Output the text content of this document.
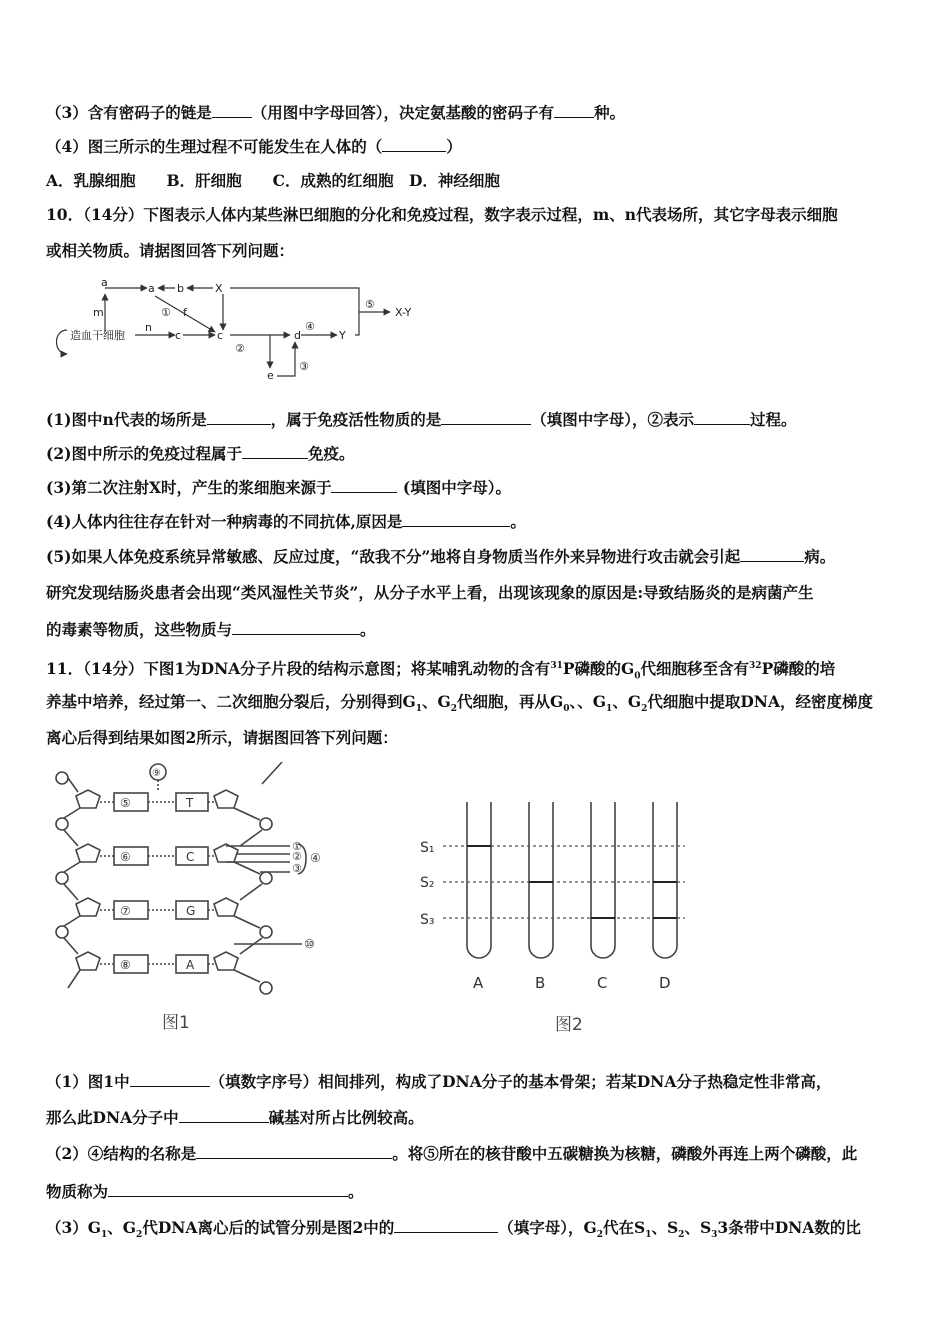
（3）含有密码子的链是	（用图中字母回答），决定氨基酸的密码子有	种。
（4）图三所示的生理过程不可能发生在人体的（	）
A．乳腺细胞　　B．肝细胞　　C．成熟的红细胞　D．神经细胞
10．（14分）下图表示人体内某些淋巴细胞的分化和免疫过程，数字表示过程，m、n代表场所，其它字母表示细胞
或相关物质。请据图回答下列问题：
造血干细胞
a	a b	X
m	f
①
n
c	c
②
d
④
Y
e
③
⑤
X-Y
(1)图中n代表的场所是	，属于免疫活性物质的是	（填图中字母），②表示	过程。
(2)图中所示的免疫过程属于	免疫。
(3)第二次注射X时，产生的浆细胞来源于	(填图中字母）。
(4)人体内往往存在针对一种病毒的不同抗体,原因是	。
(5)如果人体免疫系统异常敏感、反应过度，“敌我不分”地将自身物质当作外来异物进行攻击就会引起	病。
研究发现结肠炎患者会出现“类风湿性关节炎”，从分子水平上看，出现该现象的原因是:导致结肠炎的是病菌产生
的毒素等物质，这些物质与	。
11．（14分）下图1为DNA分子片段的结构示意图；将某哺乳动物的含有$^{31}$P磷酸的$G_0$代细胞移至含有$^{32}$P磷酸的培
养基中培养，经过第一、二次细胞分裂后，分别得到$G_1$、$G_2$代细胞，再从$G_0$、、$G_1$、$G_2$代细胞中提取DNA，经密度梯度
离心后得到结果如图2所示，请据图回答下列问题：
⑤	T
⑨
⑥	C
⑦	G
⑧	A
①
②
③
④
⑩
图1
S₁
S₂
S₃
A	B	C	D
图2
（1）图1中	（填数字序号）相间排列，构成了DNA分子的基本骨架；若某DNA分子热稳定性非常高，
那么此DNA分子中	碱基对所占比例较高。
（2）④结构的名称是	。将⑤所在的核苷酸中五碳糖换为核糖，磷酸外再连上两个磷酸，此
物质称为	。
$(3)G_1$、$G_2$代DNA离心后的试管分别是图2中的	（填字母），$G_2$代在$S_1$、$S_2$、$S_33$条带中DNA数的比
